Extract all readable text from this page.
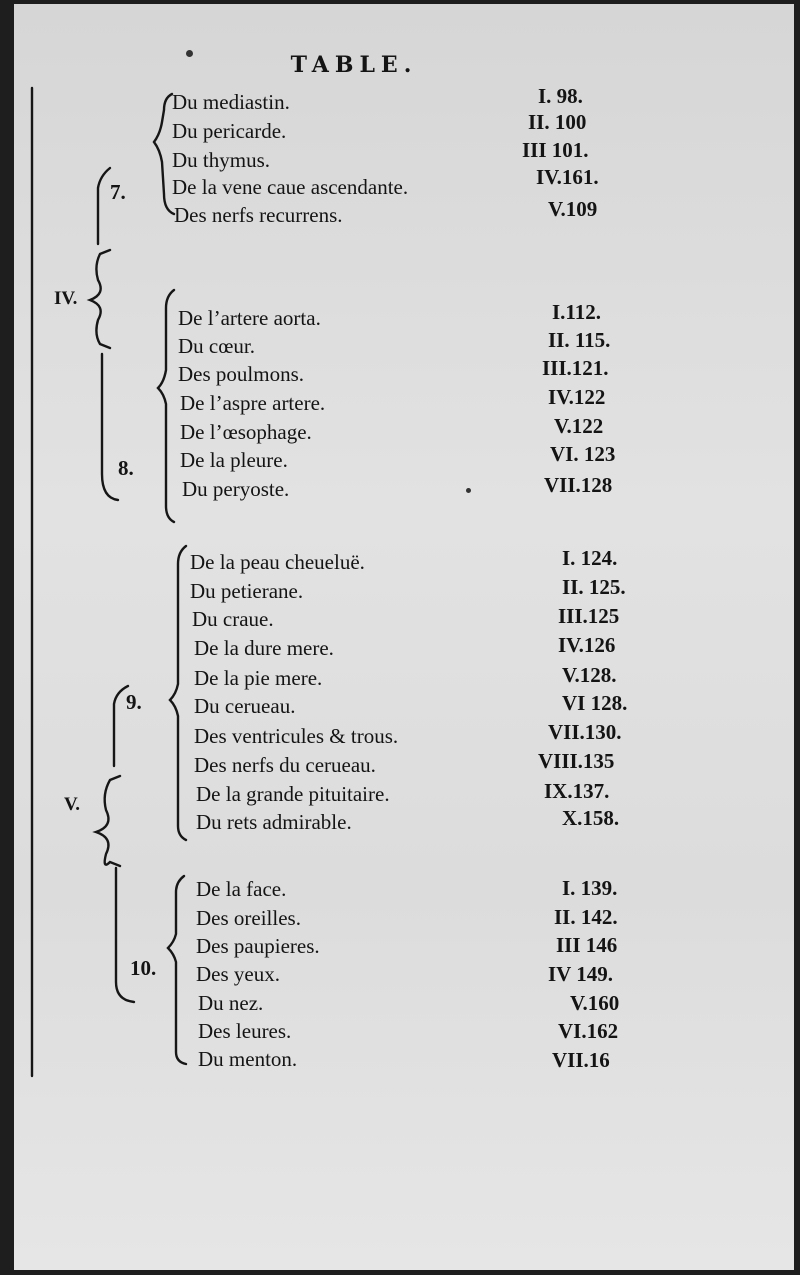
TABLE.
IV.
V.
7.
8.
9.
10.
Du mediastin.	I. 98.
Du pericarde.	II. 100
Du thymus.	III 101.
De la vene caue ascendante.	IV.161.
Des nerfs recurrens.	V.109
De l’artere aorta.	I.112.
Du cœur.	II. 115.
Des poulmons.	III.121.
De l’aspre artere.	IV.122
De l’œsophage.	V.122
De la pleure.	VI. 123
Du peryoste.	VII.128
De la peau cheueluë.	I. 124.
Du petierane.	II. 125.
Du craue.	III.125
De la dure mere.	IV.126
De la pie mere.	V.128.
Du cerueau.	VI 128.
Des ventricules & trous.	VII.130.
Des nerfs du cerueau.	VIII.135
De la grande pituitaire.	IX.137.
Du rets admirable.	X.158.
De la face.	I. 139.
Des oreilles.	II. 142.
Des paupieres.	III 146
Des yeux.	IV 149.
Du nez.	V.160
Des leures.	VI.162
Du menton.	VII.16
